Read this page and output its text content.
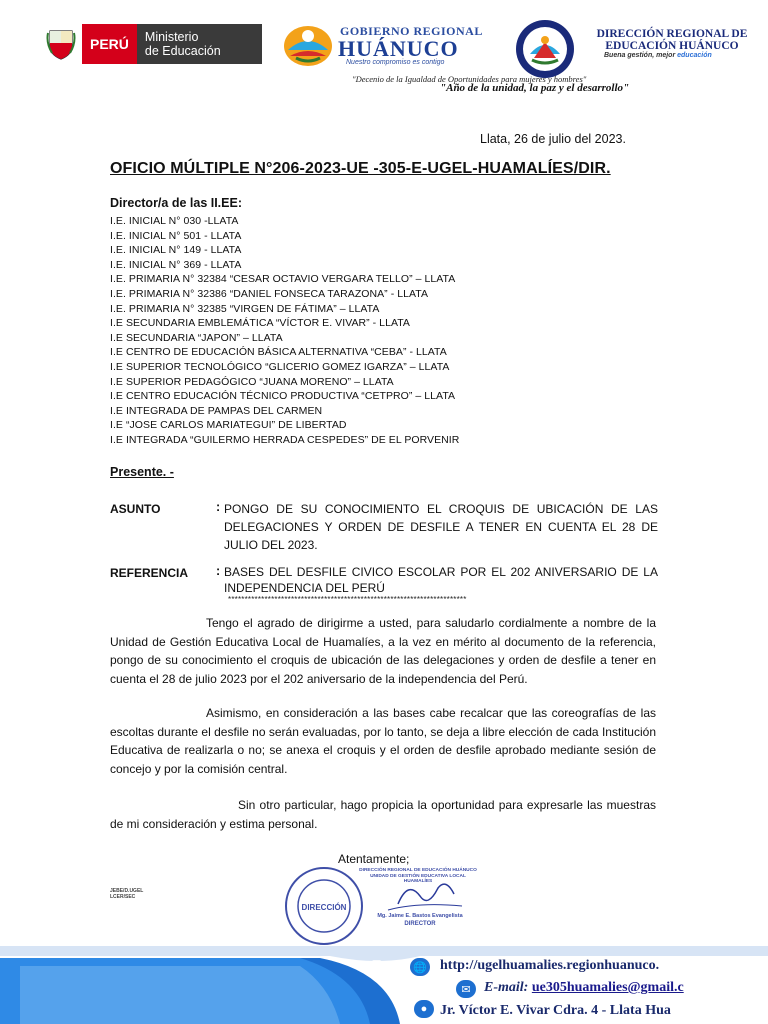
PERÚ	Ministerio
de Educación
GOBIERNO REGIONAL
HUÁNUCO
Nuestro compromiso es contigo
DIRECCIÓN REGIONAL DE
EDUCACIÓN HUÁNUCO
Buena gestión, mejor educación
"Decenio de la Igualdad de Oportunidades para mujeres y hombres"
"Año de la unidad, la paz y el desarrollo"
Llata, 26 de julio del 2023.
OFICIO MÚLTIPLE N°206-2023-UE -305-E-UGEL-HUAMALÍES/DIR.
Director/a de las II.EE:
I.E. INICIAL N° 030 -LLATA
I.E. INICIAL N° 501 - LLATA
I.E. INICIAL N° 149 - LLATA
I.E. INICIAL N° 369 - LLATA
I.E. PRIMARIA N° 32384 “CESAR OCTAVIO VERGARA TELLO” – LLATA
I.E. PRIMARIA N° 32386 “DANIEL FONSECA TARAZONA” - LLATA
I.E. PRIMARIA N° 32385 “VIRGEN DE FÁTIMA” – LLATA
I.E SECUNDARIA EMBLEMÁTICA “VÍCTOR E. VIVAR” - LLATA
I.E SECUNDARIA “JAPON” – LLATA
I.E CENTRO DE EDUCACIÓN BÁSICA ALTERNATIVA “CEBA” - LLATA
I.E SUPERIOR TECNOLÓGICO “GLICERIO GOMEZ IGARZA” – LLATA
I.E SUPERIOR PEDAGÓGICO “JUANA MORENO” – LLATA
I.E CENTRO EDUCACIÓN TÉCNICO PRODUCTIVA “CETPRO” – LLATA
I.E INTEGRADA DE PAMPAS DEL CARMEN
I.E “JOSE CARLOS MARIATEGUI” DE LIBERTAD
I.E INTEGRADA “GUILERMO HERRADA CESPEDES” DE EL PORVENIR
Presente. -
ASUNTO	: PONGO DE SU CONOCIMIENTO EL CROQUIS DE UBICACIÓN DE LAS DELEGACIONES Y ORDEN DE DESFILE A TENER EN CUENTA EL 28 DE JULIO DEL 2023.
REFERENCIA : BASES DEL DESFILE CIVICO ESCOLAR POR EL 202 ANIVERSARIO DE LA INDEPENDENCIA DEL PERÚ
************************************************************************
Tengo el agrado de dirigirme a usted, para saludarlo cordialmente a nombre de la Unidad de Gestión Educativa Local de Huamalíes, a la vez en mérito al documento de la referencia, pongo de su conocimiento el croquis de ubicación de las delegaciones y orden de desfile a tener en cuenta el 28 de julio 2023 por el 202 aniversario de la independencia del Perú.
Asimismo, en consideración a las bases cabe recalcar que las coreografías de las escoltas durante el desfile no serán evaluadas, por lo tanto, se deja a libre elección de cada Institución Educativa de realizarla o no; se anexa el croquis y el orden de desfile aprobado mediante sesión de concejo y por la comisión central.
Sin otro particular, hago propicia la oportunidad para expresarle las muestras de mi consideración y estima personal.
Atentamente;
JEBE/D.UGEL
LCER/SEC
DIRECCIÓN
DIRECCIÓN REGIONAL DE EDUCACIÓN HUÁNUCO
UNIDAD DE GESTIÓN EDUCATIVA LOCAL
HUAMALÍES
Mg. Jaime E. Bastos Evangelista
DIRECTOR
🌐 http://ugelhuamalies.regionhuanuco.
✉ E-mail: ue305huamalies@gmail.c
● Jr. Víctor E. Vivar Cdra. 4 - Llata Hua
